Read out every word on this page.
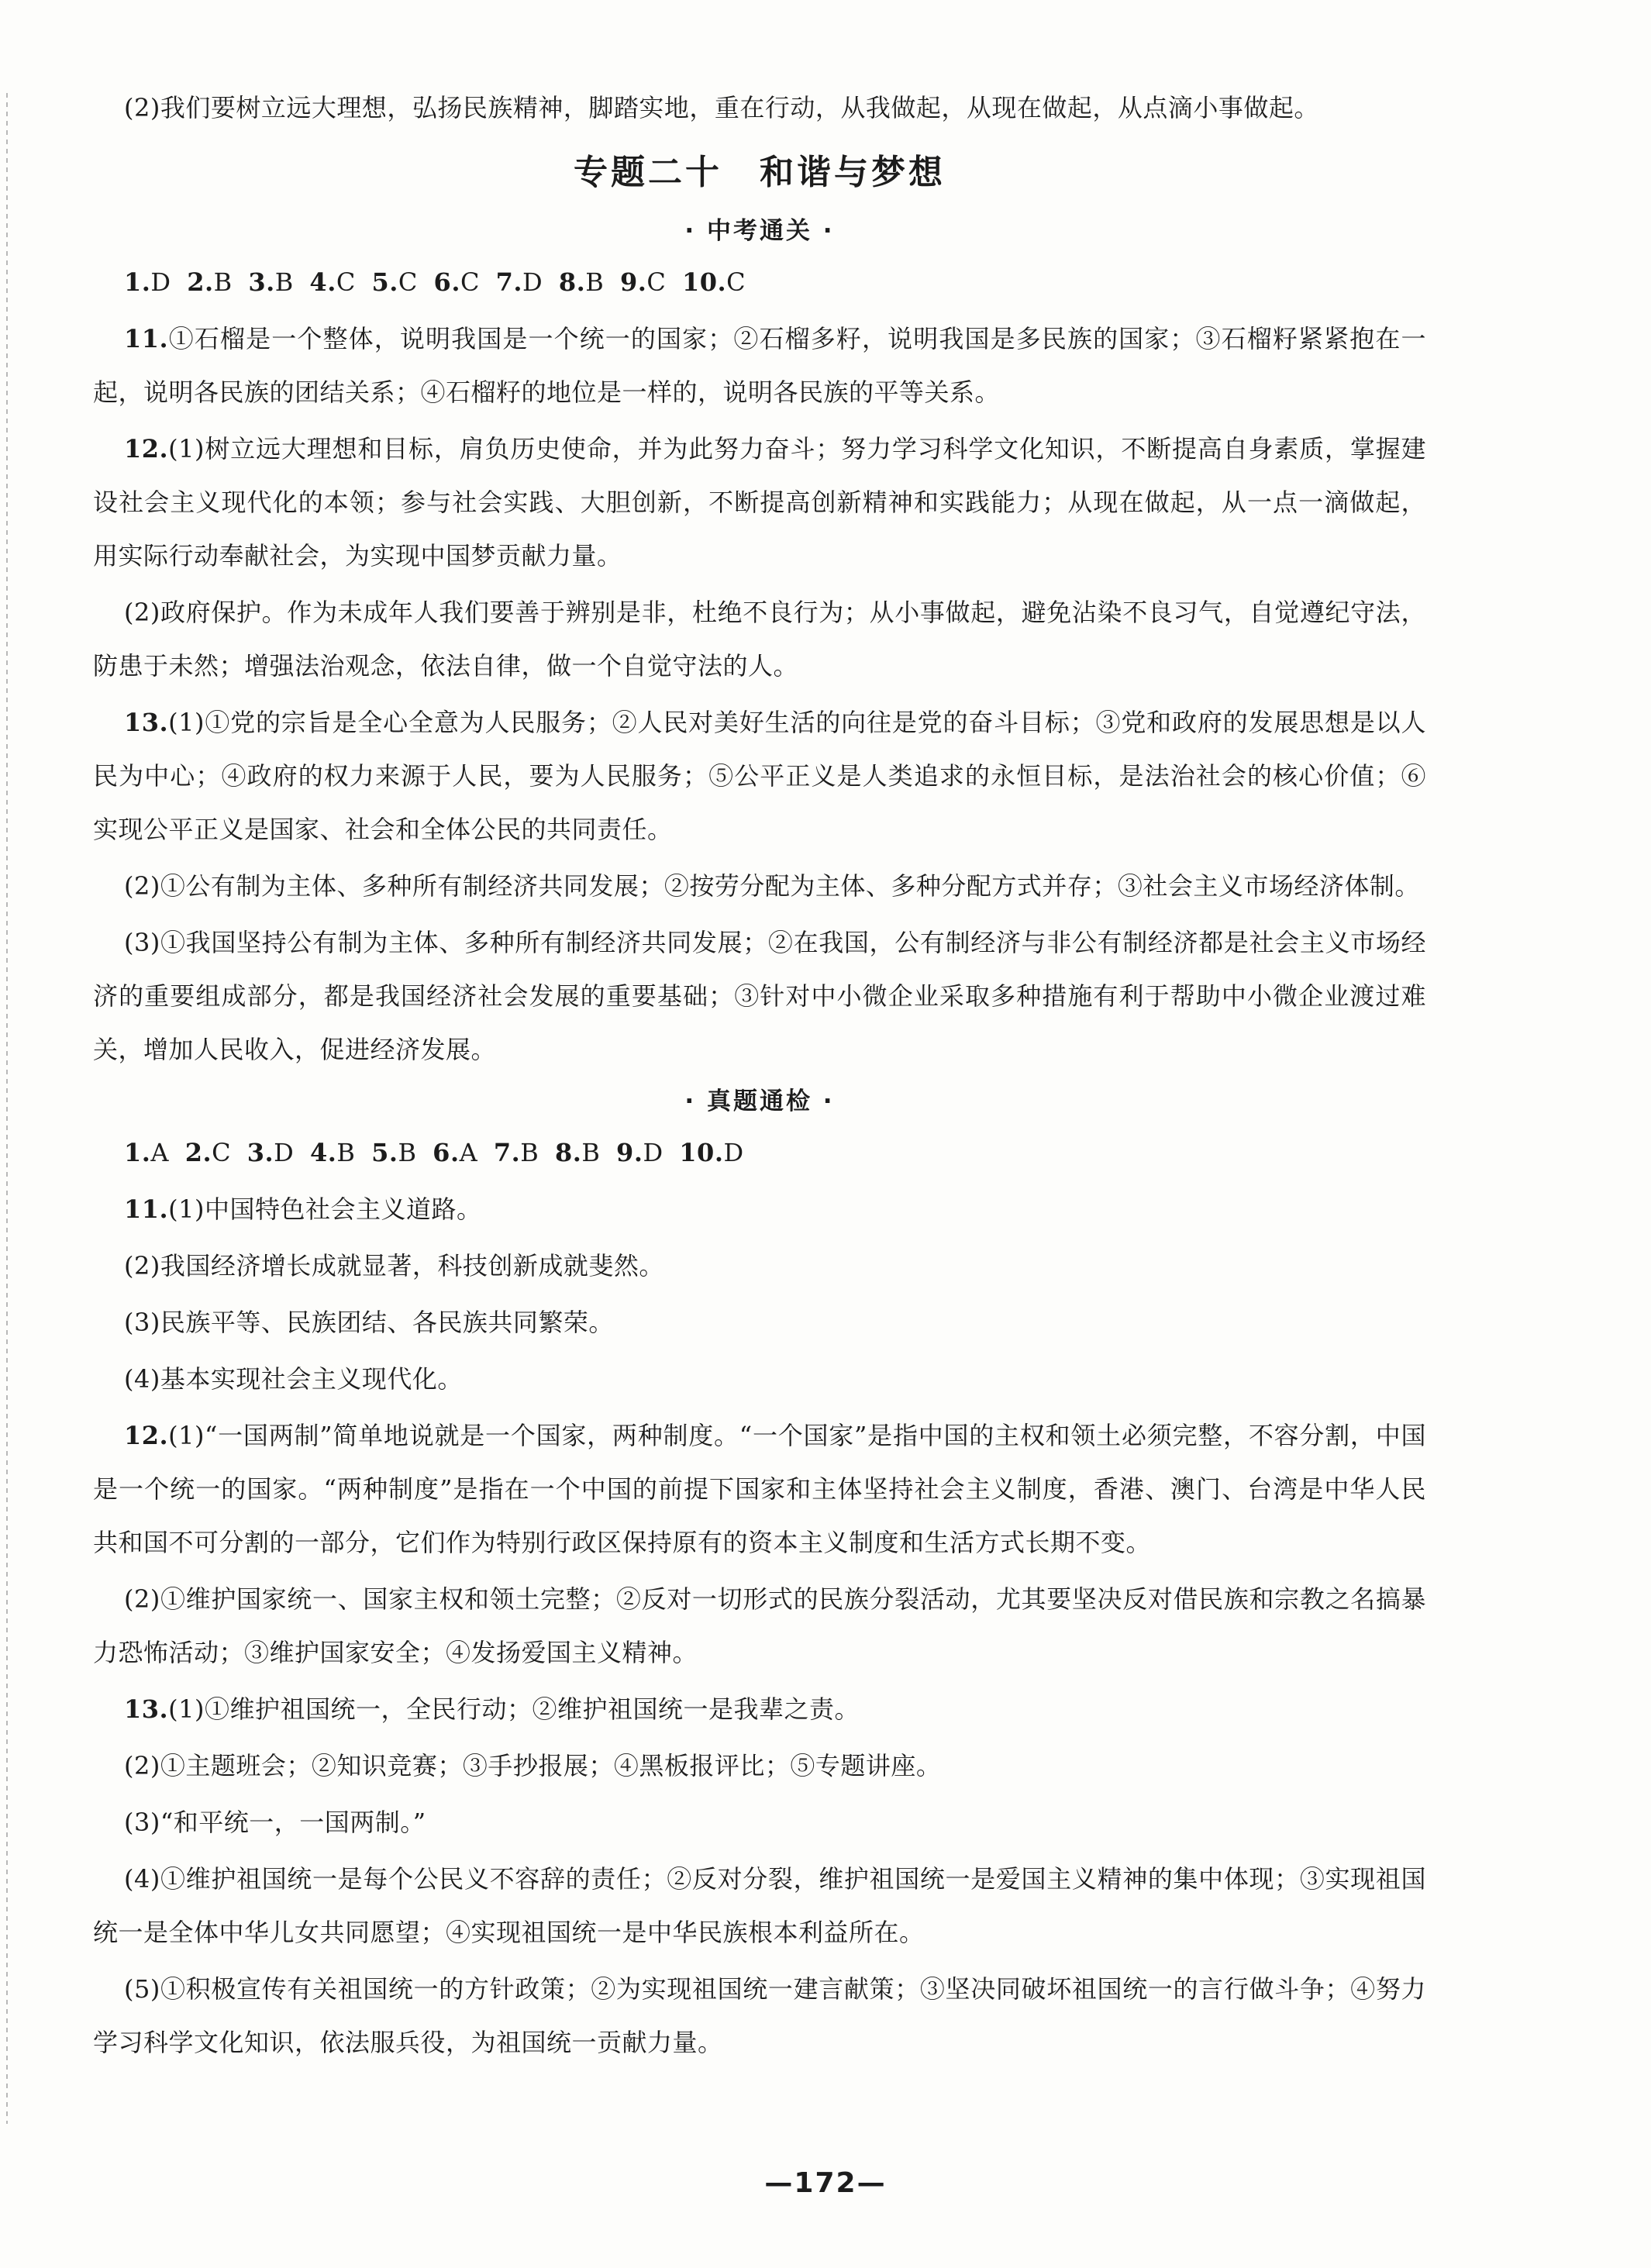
(2)我们要树立远大理想，弘扬民族精神，脚踏实地，重在行动，从我做起，从现在做起，从点滴小事做起。

专题二十　和谐与梦想
· 中考通关 ·

1.D 2.B 3.B 4.C 5.C 6.C 7.D 8.B 9.C 10.C

11.①石榴是一个整体，说明我国是一个统一的国家；②石榴多籽，说明我国是多民族的国家；③石榴籽紧紧抱在一起，说明各民族的团结关系；④石榴籽的地位是一样的，说明各民族的平等关系。

12.(1)树立远大理想和目标，肩负历史使命，并为此努力奋斗；努力学习科学文化知识，不断提高自身素质，掌握建设社会主义现代化的本领；参与社会实践、大胆创新，不断提高创新精神和实践能力；从现在做起，从一点一滴做起，用实际行动奉献社会，为实现中国梦贡献力量。

(2)政府保护。作为未成年人我们要善于辨别是非，杜绝不良行为；从小事做起，避免沾染不良习气，自觉遵纪守法，防患于未然；增强法治观念，依法自律，做一个自觉守法的人。

13.(1)①党的宗旨是全心全意为人民服务；②人民对美好生活的向往是党的奋斗目标；③党和政府的发展思想是以人民为中心；④政府的权力来源于人民，要为人民服务；⑤公平正义是人类追求的永恒目标，是法治社会的核心价值；⑥实现公平正义是国家、社会和全体公民的共同责任。

(2)①公有制为主体、多种所有制经济共同发展；②按劳分配为主体、多种分配方式并存；③社会主义市场经济体制。

(3)①我国坚持公有制为主体、多种所有制经济共同发展；②在我国，公有制经济与非公有制经济都是社会主义市场经济的重要组成部分，都是我国经济社会发展的重要基础；③针对中小微企业采取多种措施有利于帮助中小微企业渡过难关，增加人民收入，促进经济发展。

· 真题通检 ·

1.A 2.C 3.D 4.B 5.B 6.A 7.B 8.B 9.D 10.D

11.(1)中国特色社会主义道路。

(2)我国经济增长成就显著，科技创新成就斐然。

(3)民族平等、民族团结、各民族共同繁荣。

(4)基本实现社会主义现代化。

12.(1)“一国两制”简单地说就是一个国家，两种制度。“一个国家”是指中国的主权和领土必须完整，不容分割，中国是一个统一的国家。“两种制度”是指在一个中国的前提下国家和主体坚持社会主义制度，香港、澳门、台湾是中华人民共和国不可分割的一部分，它们作为特别行政区保持原有的资本主义制度和生活方式长期不变。

(2)①维护国家统一、国家主权和领土完整；②反对一切形式的民族分裂活动，尤其要坚决反对借民族和宗教之名搞暴力恐怖活动；③维护国家安全；④发扬爱国主义精神。

13.(1)①维护祖国统一，全民行动；②维护祖国统一是我辈之责。

(2)①主题班会；②知识竞赛；③手抄报展；④黑板报评比；⑤专题讲座。

(3)“和平统一，一国两制。”

(4)①维护祖国统一是每个公民义不容辞的责任；②反对分裂，维护祖国统一是爱国主义精神的集中体现；③实现祖国统一是全体中华儿女共同愿望；④实现祖国统一是中华民族根本利益所在。

(5)①积极宣传有关祖国统一的方针政策；②为实现祖国统一建言献策；③坚决同破坏祖国统一的言行做斗争；④努力学习科学文化知识，依法服兵役，为祖国统一贡献力量。

—172—
